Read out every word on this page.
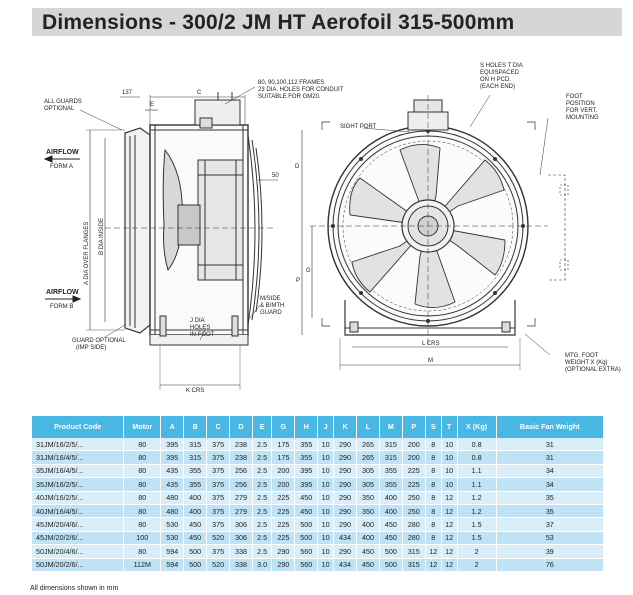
Dimensions - 300/2 JM HT Aerofoil 315-500mm
137
E
C
ALL GUARDS
OPTIONAL
80, 90,100,112 FRAMES
23 DIA. HOLES FOR CONDUIT
SUITABLE FOR GM20.
S HOLES T DIA
EQUISPACED
ON H PCD.
(EACH END)
FOOT
POSITION
FOR VERT.
MOUNTING
SIGHT PORT
AIRFLOW
FORM A
AIRFLOW
FORM B
A DIA OVER FLANGES B DIA INSIDE
50
D
G
P
M/SIDE
& B/MTH
GUARD
J DIA
HOLES
IN FOOT
GUARD OPTIONAL
(IMP SIDE)
K CRS
L CRS
M
MTG. FOOT
WEIGHT X (Kg)
(OPTIONAL EXTRA)
Product Code	Motor	A	B	C	D	E	G	H	J	K	L	M	P	S	T	X (Kg)	Basic Fan Weight
31JM/16/2/5/...	80	395	315	375	238	2.5	175	355	10	290	265	315	200	8	10	0.8	31
31JM/16/4/5/...	80	395	315	375	238	2.5	175	355	10	290	265	315	200	8	10	0.8	31
35JM/16/4/5/...	80	435	355	375	256	2.5	200	395	10	290	305	355	225	8	10	1.1	34
35JM/16/2/5/...	80	435	355	375	256	2.5	200	395	10	290	305	355	225	8	10	1.1	34
40JM/16/2/5/...	80	480	400	375	279	2.5	225	450	10	290	350	400	250	8	12	1.2	35
40JM/16/4/5/...	80	480	400	375	279	2.5	225	450	10	290	350	400	250	8	12	1.2	35
45JM/20/4/6/...	80	530	450	375	306	2.5	225	500	10	290	400	450	280	8	12	1.5	37
45JM/20/2/6/...	100	530	450	520	306	2.5	225	500	10	434	400	450	280	8	12	1.5	53
50JM/20/4/6/...	80	594	500	375	338	2.5	290	560	10	290	450	500	315	12	12	2	39
50JM/20/2/6/...	112M	594	500	520	338	3.0	290	560	10	434	450	500	315	12	12	2	76
All dimensions shown in mm
